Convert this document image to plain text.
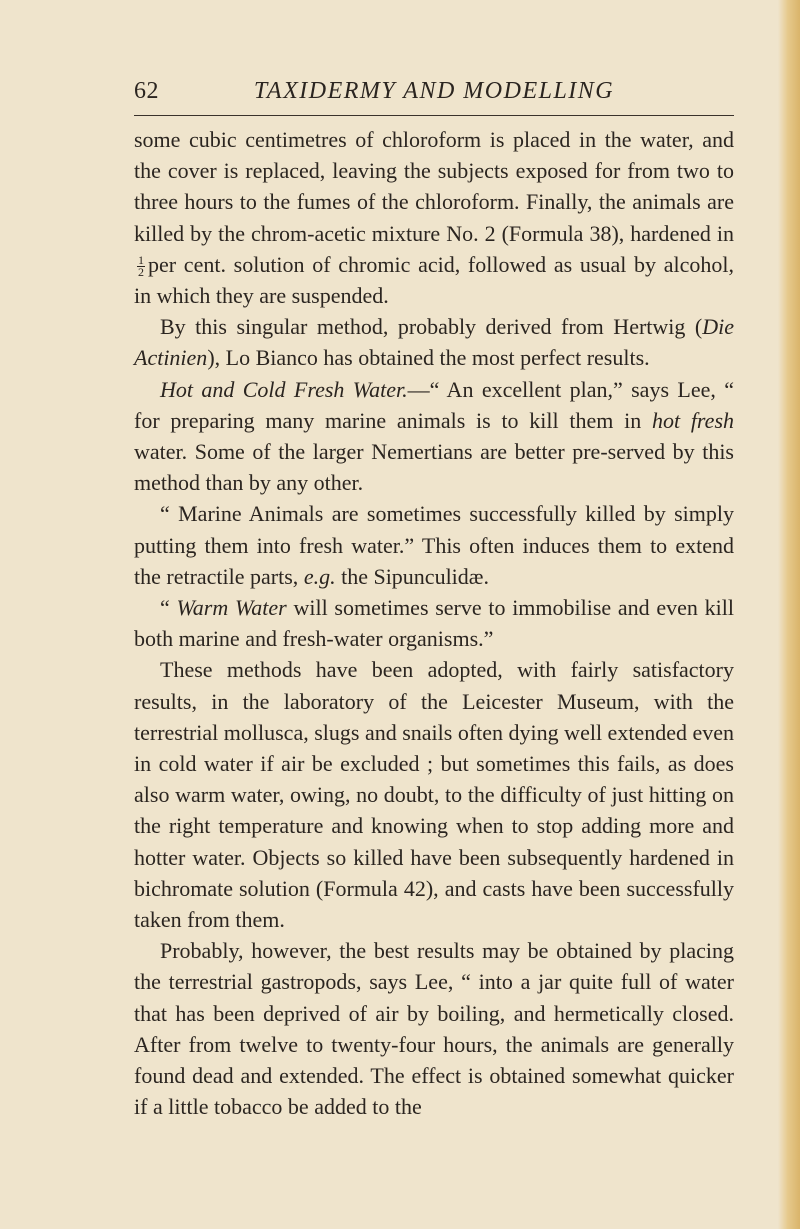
62	TAXIDERMY AND MODELLING

some cubic centimetres of chloroform is placed in the water, and the cover is replaced, leaving the subjects exposed for from two to three hours to the fumes of the chloroform. Finally, the animals are killed by the chrom-acetic mixture No. 2 (Formula 38), hardened in
$\frac{1}{2}$ per cent. solution of chromic acid, followed as usual by alcohol, in which they are suspended.

By this singular method, probably derived from Hertwig (Die Actinien), Lo Bianco has obtained the most perfect results.

Hot and Cold Fresh Water.—“ An excellent plan,” says Lee, “ for preparing many marine animals is to kill them in hot fresh water. Some of the larger Nemertians are better pre-served by this method than by any other.

“ Marine Animals are sometimes successfully killed by simply putting them into fresh water.” This often induces them to extend the retractile parts, e.g. the Sipunculidæ.

“ Warm Water will sometimes serve to immobilise and even kill both marine and fresh-water organisms.”

These methods have been adopted, with fairly satisfactory results, in the laboratory of the Leicester Museum, with the terrestrial mollusca, slugs and snails often dying well extended even in cold water if air be excluded ; but sometimes this fails, as does also warm water, owing, no doubt, to the difficulty of just hitting on the right temperature and knowing when to stop adding more and hotter water. Objects so killed have been subsequently hardened in bichromate solution (Formula 42), and casts have been successfully taken from them.

Probably, however, the best results may be obtained by placing the terrestrial gastropods, says Lee, “ into a jar quite full of water that has been deprived of air by boiling, and hermetically closed. After from twelve to twenty-four hours, the animals are generally found dead and extended. The effect is obtained somewhat quicker if a little tobacco be added to the
